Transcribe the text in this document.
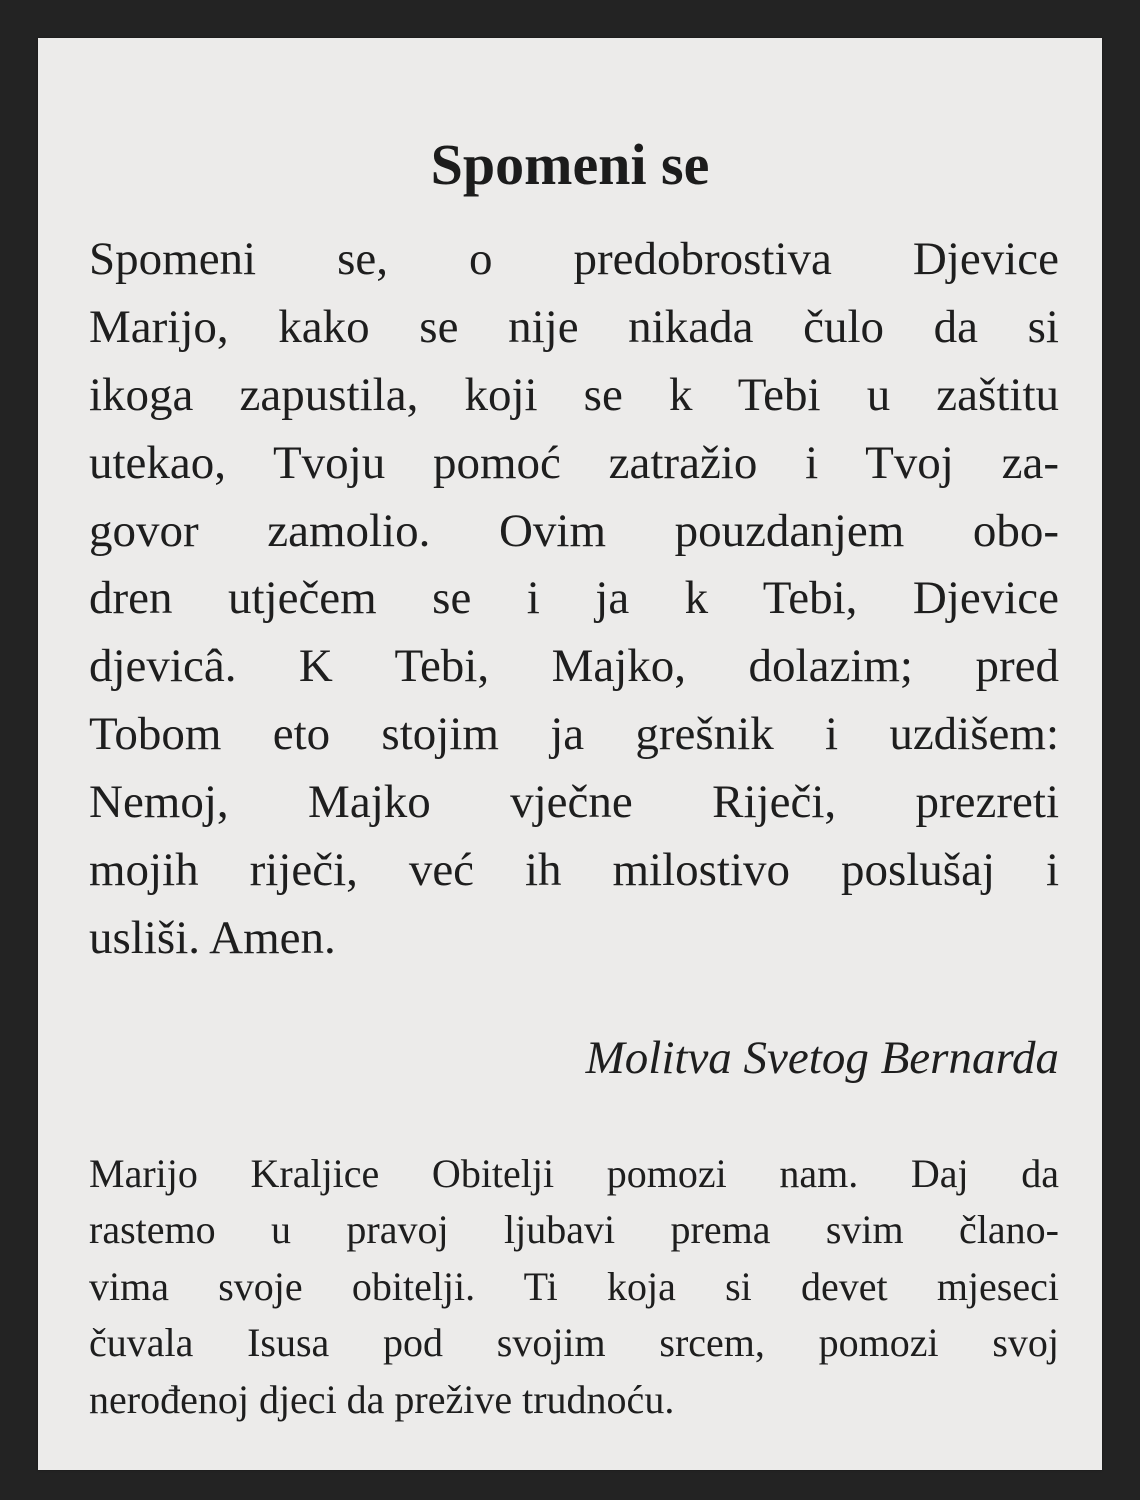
Spomeni se
Spomeni se, o predobrostiva Djevice
Marijo, kako se nije nikada čulo da si
ikoga zapustila, koji se k Tebi u zaštitu
utekao, Tvoju pomoć zatražio i Tvoj za-
govor zamolio. Ovim pouzdanjem obo-
dren utječem se i ja k Tebi, Djevice
djevicâ. K Tebi, Majko, dolazim; pred
Tobom eto stojim ja grešnik i uzdišem:
Nemoj, Majko vječne Riječi, prezreti
mojih riječi, već ih milostivo poslušaj i
usliši. Amen.
Molitva Svetog Bernarda
Marijo Kraljice Obitelji pomozi nam. Daj da
rastemo u pravoj ljubavi prema svim člano-
vima svoje obitelji. Ti koja si devet mjeseci
čuvala Isusa pod svojim srcem, pomozi svoj
nerođenoj djeci da prežive trudnoću.
